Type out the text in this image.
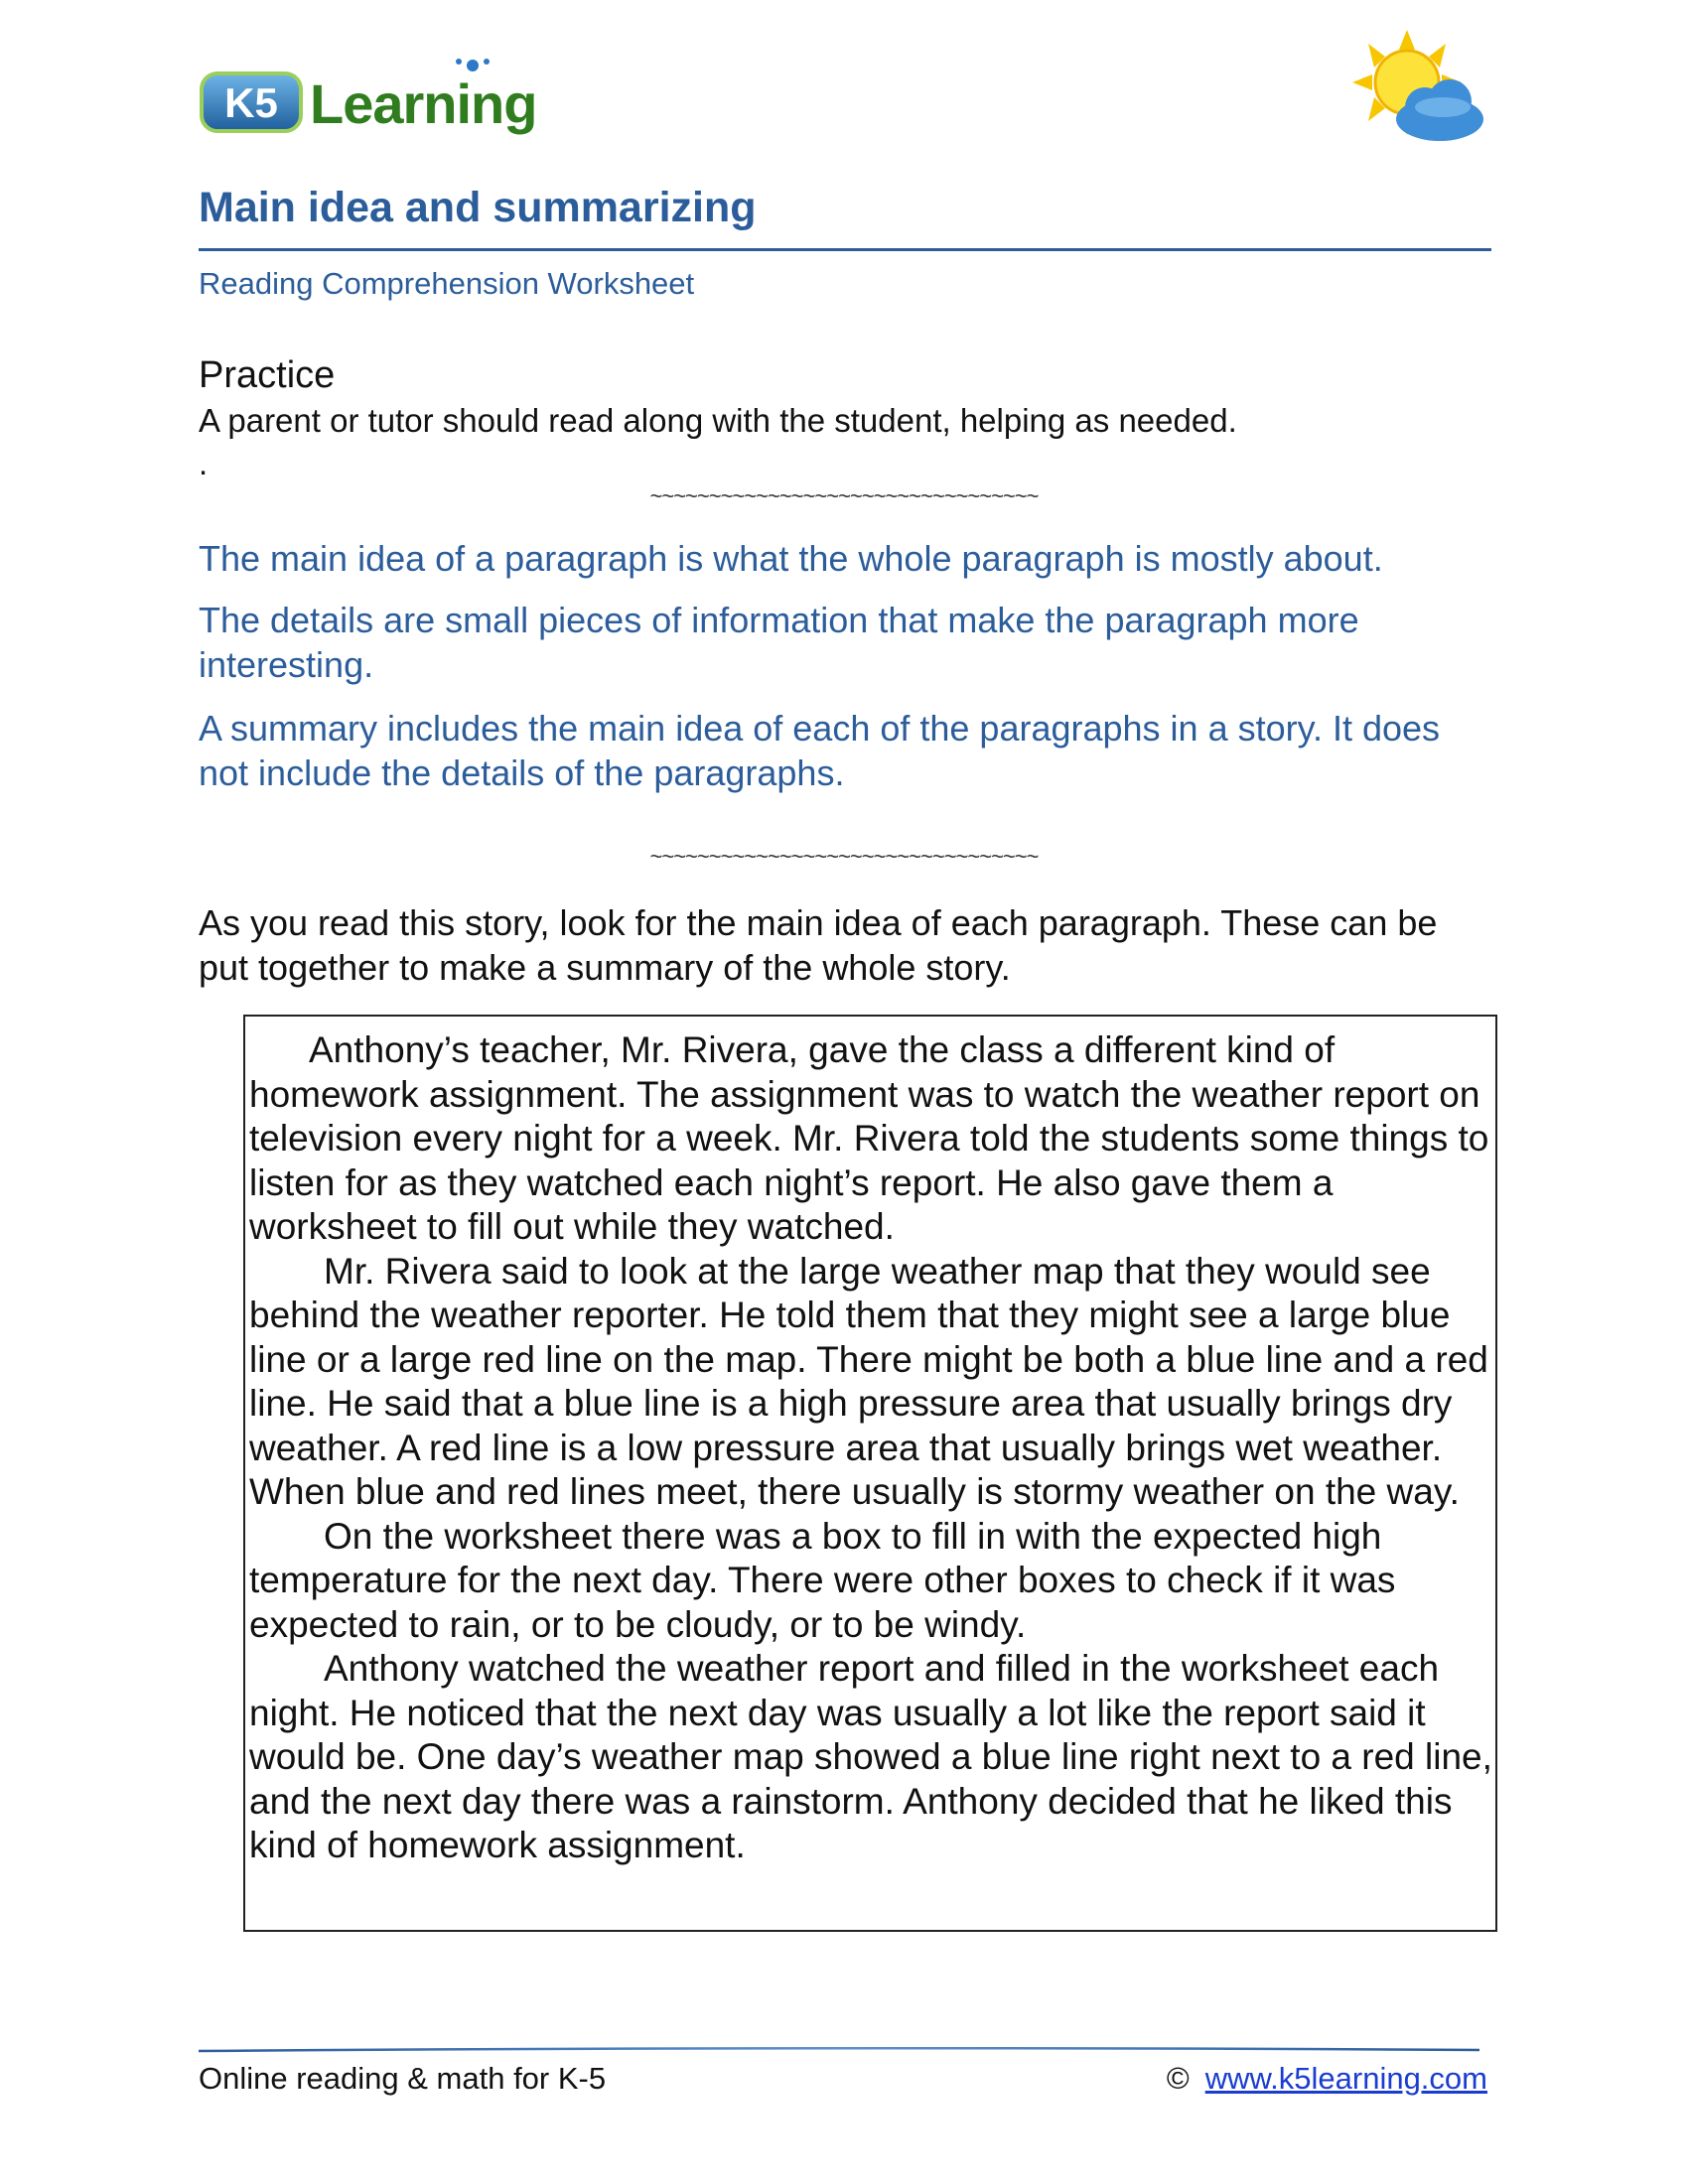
K5 Learning
Main idea and summarizing
Reading Comprehension Worksheet
Practice
A parent or tutor should read along with the student, helping as needed.
.
~~~~~~~~~~~~~~~~~~~~~~~~~~~~~~~~~
The main idea of a paragraph is what the whole paragraph is mostly about.
The details are small pieces of information that make the paragraph more interesting.
A summary includes the main idea of each of the paragraphs in a story. It does not include the details of the paragraphs.
~~~~~~~~~~~~~~~~~~~~~~~~~~~~~~~~~
As you read this story, look for the main idea of each paragraph. These can be put together to make a summary of the whole story.

Anthony’s teacher, Mr. Rivera, gave the class a different kind of homework assignment. The assignment was to watch the weather report on television every night for a week. Mr. Rivera told the students some things to listen for as they watched each night’s report. He also gave them a worksheet to fill out while they watched.

Mr. Rivera said to look at the large weather map that they would see behind the weather reporter. He told them that they might see a large blue line or a large red line on the map. There might be both a blue line and a red line. He said that a blue line is a high pressure area that usually brings dry weather. A red line is a low pressure area that usually brings wet weather. When blue and red lines meet, there usually is stormy weather on the way.

On the worksheet there was a box to fill in with the expected high temperature for the next day. There were other boxes to check if it was expected to rain, or to be cloudy, or to be windy.

Anthony watched the weather report and filled in the worksheet each night. He noticed that the next day was usually a lot like the report said it would be. One day’s weather map showed a blue line right next to a red line, and the next day there was a rainstorm. Anthony decided that he liked this kind of homework assignment.

Online reading & math for K-5	© www.k5learning.com
